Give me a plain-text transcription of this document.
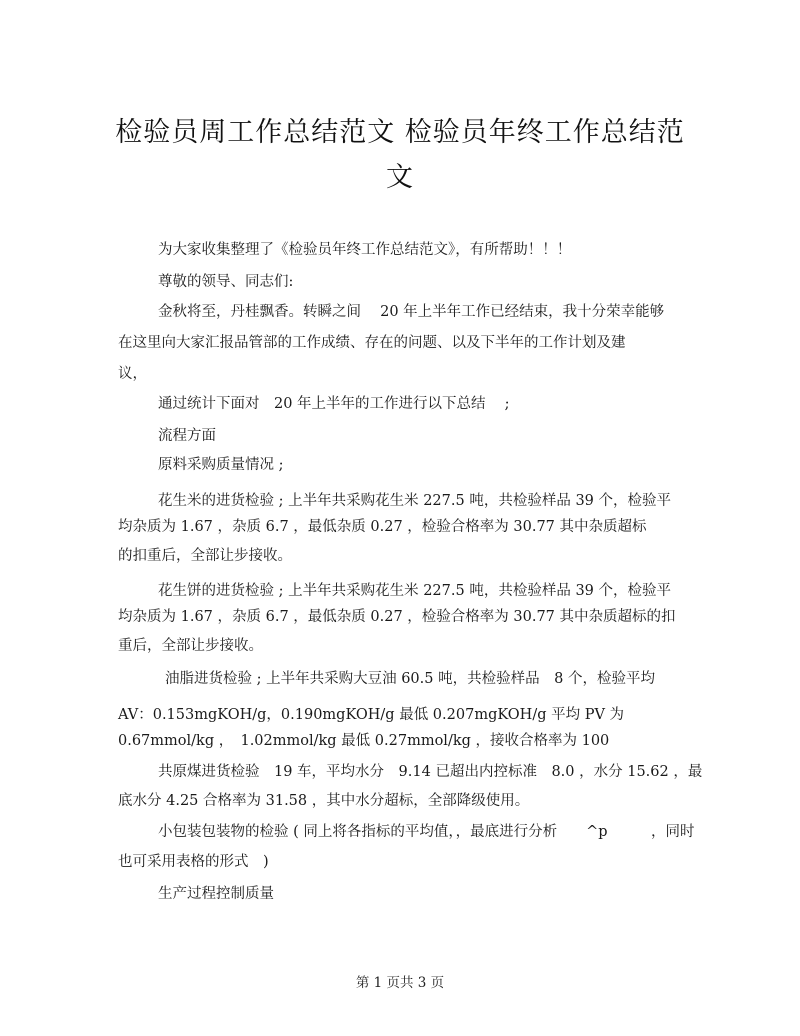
检验员周工作总结范文 检验员年终工作总结范
文
为大家收集整理了《检验员年终工作总结范文》，有所帮助！！！
尊敬的领导、同志们:
金秋将至，丹桂飘香。转瞬之间　 20 年上半年工作已经结束，我十分荣幸能够
在这里向大家汇报品管部的工作成绩、存在的问题、以及下半年的工作计划及建
议，
通过统计下面对　20 年上半年的工作进行以下总结　 ;
流程方面
原料采购质量情况 ;
花生米的进货检验 ; 上半年共采购花生米 227.5 吨，共检验样品 39 个，检验平
均杂质为 1.67 ，杂质 6.7 ，最低杂质 0.27 ，检验合格率为 30.77 其中杂质超标
的扣重后，全部让步接收。
花生饼的进货检验 ; 上半年共采购花生米 227.5 吨，共检验样品 39 个，检验平
均杂质为 1.67 ，杂质 6.7 ，最低杂质 0.27 ，检验合格率为 30.77 其中杂质超标的扣
重后，全部让步接收。
油脂进货检验 ; 上半年共采购大豆油 60.5 吨，共检验样品　8 个，检验平均
AV：0.153mgKOH/g，0.190mgKOH/g 最低 0.207mgKOH/g 平均 PV 为
0.67mmol/kg ，　1.02mmol/kg 最低 0.27mmol/kg ，接收合格率为 100
共原煤进货检验　19 车，平均水分　9.14 已超出内控标准　8.0 ，水分 15.62 ，最
底水分 4.25 合格率为 31.58 ，其中水分超标，全部降级使用。
小包装包装物的检验 ( 同上将各指标的平均值，，最底进行分析　　^p　　　，同时
也可采用表格的形式　)
生产过程控制质量
第 1 页共 3 页
